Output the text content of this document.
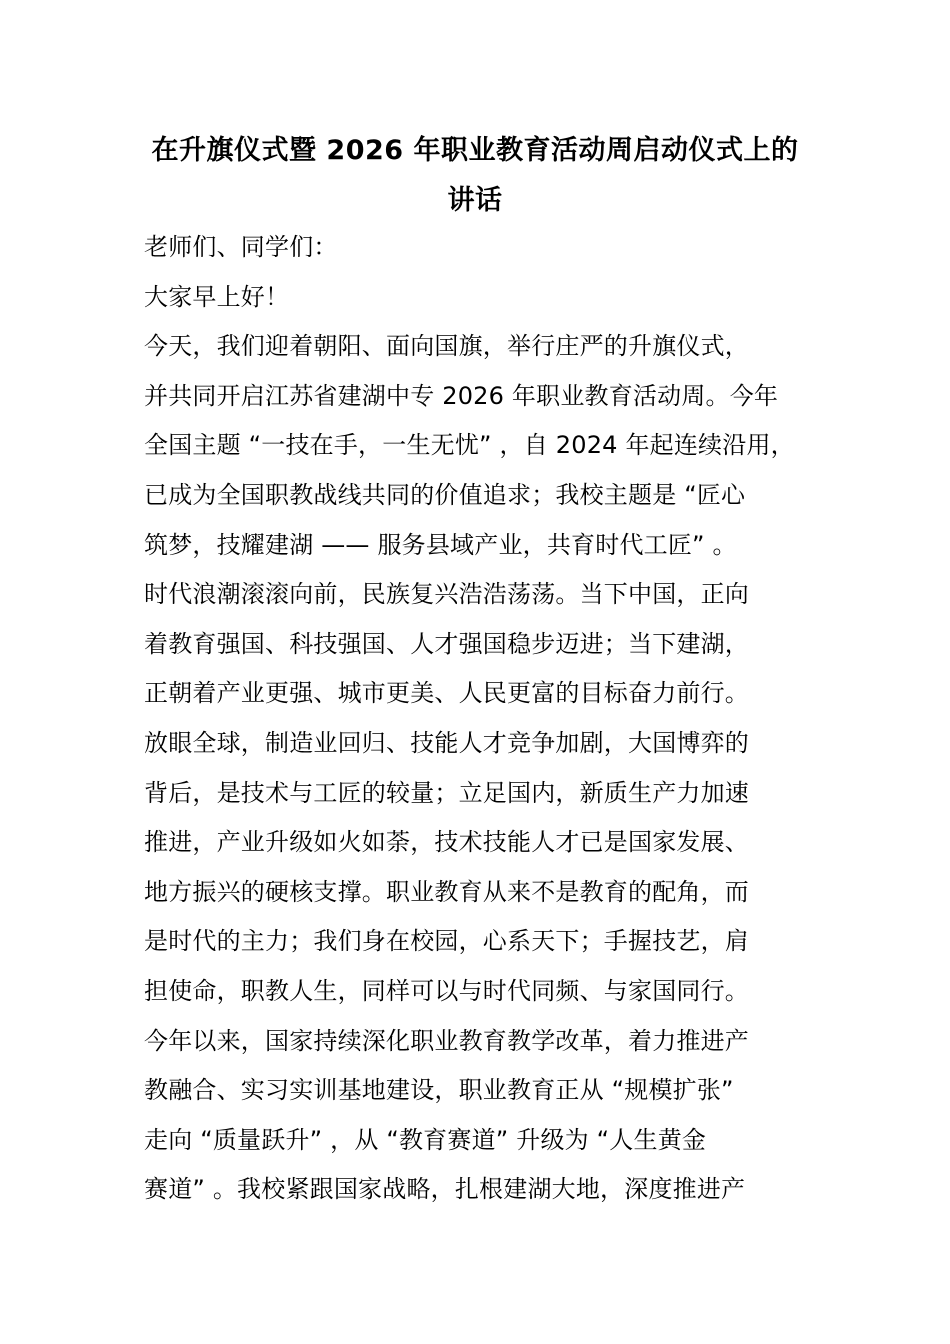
在升旗仪式暨 2026 年职业教育活动周启动仪式上的
讲话
老师们、同学们：
大家早上好！
今天，我们迎着朝阳、面向国旗，举行庄严的升旗仪式，
并共同开启江苏省建湖中专 2026 年职业教育活动周。今年
全国主题 “一技在手，一生无忧” ，自 2024 年起连续沿用，
已成为全国职教战线共同的价值追求；我校主题是 “匠心
筑梦，技耀建湖 —— 服务县域产业，共育时代工匠” 。
时代浪潮滚滚向前，民族复兴浩浩荡荡。当下中国，正向
着教育强国、科技强国、人才强国稳步迈进；当下建湖，
正朝着产业更强、城市更美、人民更富的目标奋力前行。
放眼全球，制造业回归、技能人才竞争加剧，大国博弈的
背后，是技术与工匠的较量；立足国内，新质生产力加速
推进，产业升级如火如荼，技术技能人才已是国家发展、
地方振兴的硬核支撑。职业教育从来不是教育的配角，而
是时代的主力；我们身在校园，心系天下；手握技艺，肩
担使命，职教人生，同样可以与时代同频、与家国同行。
今年以来，国家持续深化职业教育教学改革，着力推进产
教融合、实习实训基地建设，职业教育正从 “规模扩张”
走向 “质量跃升” ，从 “教育赛道” 升级为 “人生黄金
赛道” 。我校紧跟国家战略，扎根建湖大地，深度推进产
